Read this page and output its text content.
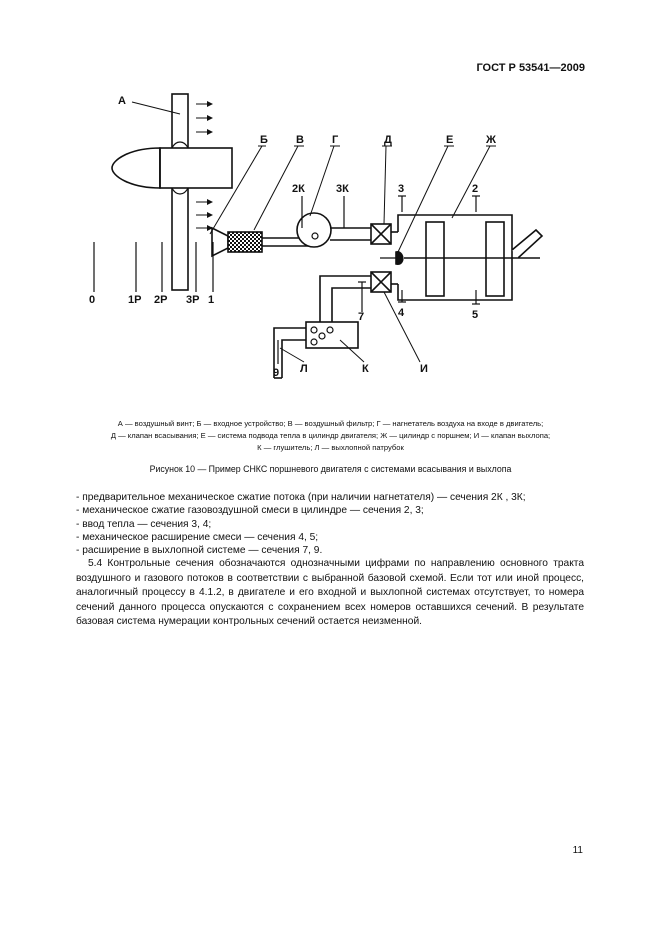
ГОСТ Р 53541—2009
А
Б	В	Г	Д	Е	Ж
2К	3К	3	2
0	1Р 2Р 3Р 1
4	5
7
И
К
Л
9
А — воздушный винт; Б — входное устройство; В — воздушный фильтр; Г — нагнетатель воздуха на входе в двигатель;
Д — клапан всасывания; Е — система подвода тепла в цилиндр двигателя; Ж — цилиндр с поршнем; И — клапан выхлопа;
К — глушитель; Л — выхлопной патрубок
Рисунок 10 — Пример СНКС поршневого двигателя с системами всасывания и выхлопа
- предварительное механическое сжатие потока (при наличии нагнетателя) — сечения 2К , 3К;
- механическое сжатие газовоздушной смеси в цилиндре — сечения 2, 3;
- ввод тепла — сечения 3, 4;
- механическое расширение смеси — сечения 4, 5;
- расширение в выхлопной системе — сечения 7, 9.
5.4 Контрольные сечения обозначаются однозначными цифрами по направлению основного тракта воздушного и газового потоков в соответствии с выбранной базовой схемой. Если тот или иной процесс, аналогичный процессу в 4.1.2, в двигателе и его входной и выхлопной системах отсутствует, то номера сечений данного процесса опускаются с сохранением всех номеров оставшихся сечений. В результате базовая система нумерации контрольных сечений остается неизменной.
11
